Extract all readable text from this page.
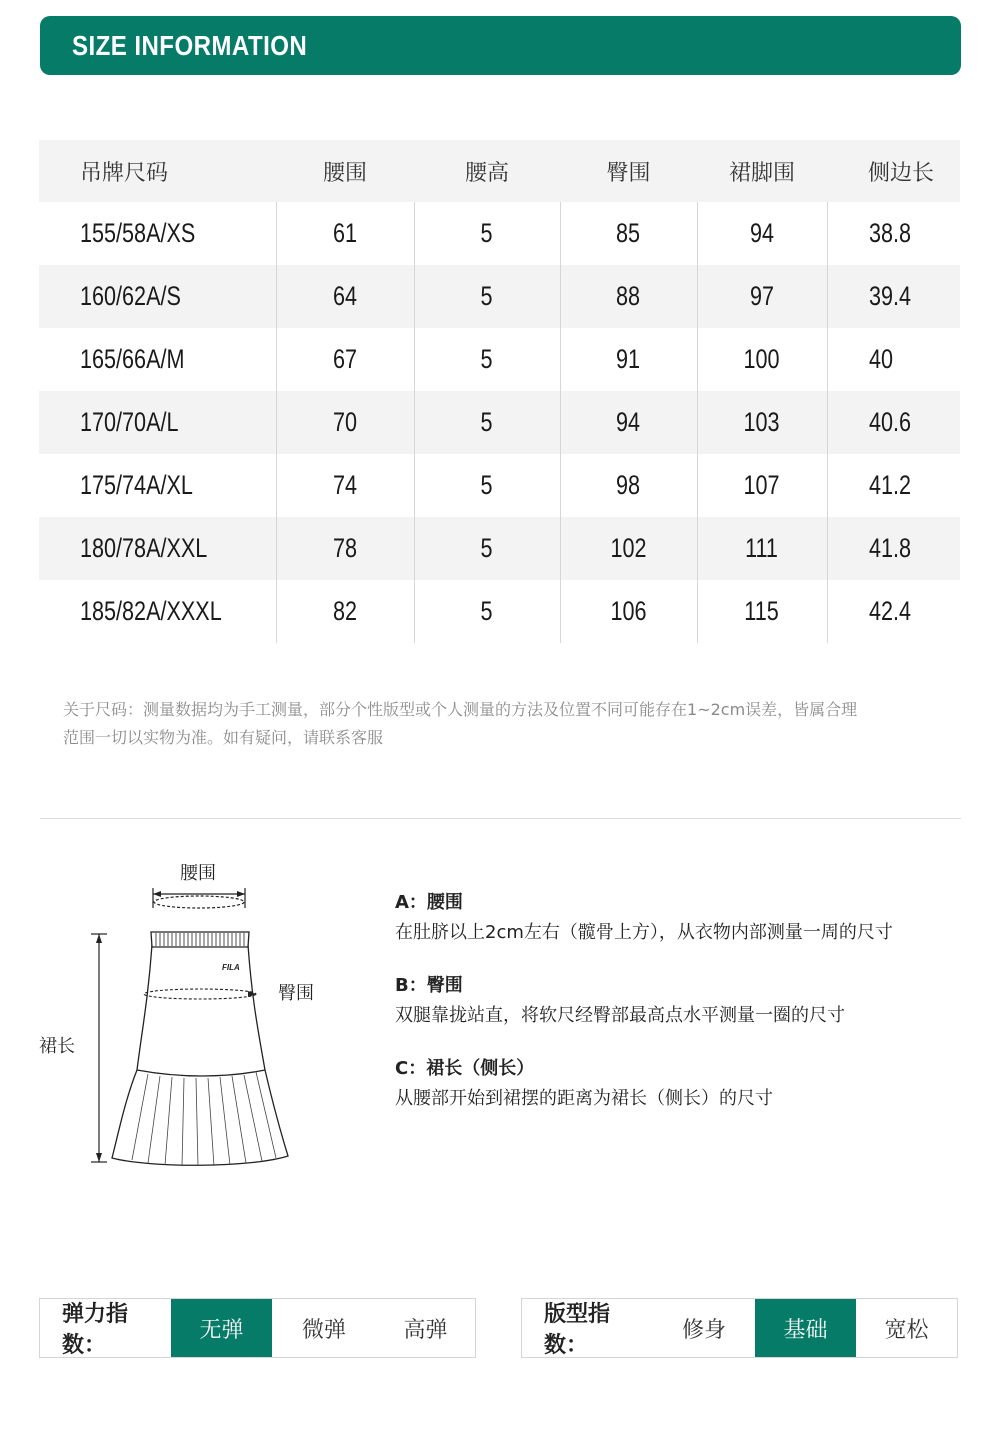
SIZE INFORMATION
吊牌尺码	腰围	腰高	臀围	裙脚围	侧边长
155/58A/XS	61	5	85	94	38.8
160/62A/S	64	5	88	97	39.4
165/66A/M	67	5	91	100	40
170/70A/L	70	5	94	103	40.6
175/74A/XL	74	5	98	107	41.2
180/78A/XXL	78	5	102	111	41.8
185/82A/XXXL	82	5	106	115	42.4
关于尺码：测量数据均为手工测量，部分个性版型或个人测量的方法及位置不同可能存在1~2cm误差，皆属合理
范围一切以实物为准。如有疑问，请联系客服
FILA
腰围
臀围
裙长
A：腰围
在肚脐以上2cm左右（髋骨上方），从衣物内部测量一周的尺寸
B：臀围
双腿靠拢站直，将软尺经臀部最高点水平测量一圈的尺寸
C：裙长（侧长）
从腰部开始到裙摆的距离为裙长（侧长）的尺寸
弹力指数：
无弹	微弹	高弹
版型指数：
修身	基础	宽松
